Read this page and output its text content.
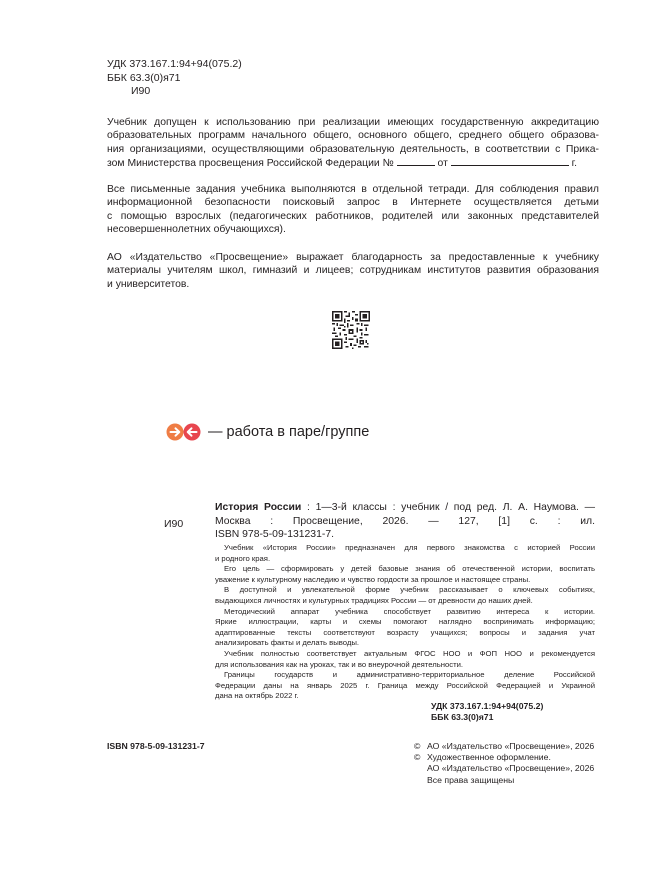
УДК 373.167.1:94+94(075.2)
ББК 63.3(0)я71
И90
Учебник допущен к использованию при реализации имеющих государственную аккредитацию
образовательных программ начального общего, основного общего, среднего общего образова-
ния организациями, осуществляющими образовательную деятельность, в соответствии с Прика-
зом Министерства просвещения Российской Федерации №	от	г.
Все письменные задания учебника выполняются в отдельной тетради. Для соблюдения правил
информационной безопасности поисковый запрос в Интернете осуществляется детьми
с помощью взрослых (педагогических работников, родителей или законных представителей
несовершеннолетних обучающихся).
АО «Издательство «Просвещение» выражает благодарность за предоставленные к учебнику
материалы учителям школ, гимназий и лицеев; сотрудникам институтов развития образования
и университетов.
— работа в паре/группе
И90
История России : 1—3-й классы : учебник / под ред. Л. А. Наумова. —
Москва : Просвещение, 2026. — 127, [1] с. : ил.
ISBN 978-5-09-131231-7.

Учебник «История России» предназначен для первого знакомства с историей России
и родного края.

Его цель — сформировать у детей базовые знания об отечественной истории, воспитать
уважение к культурному наследию и чувство гордости за прошлое и настоящее страны.

В доступной и увлекательной форме учебник рассказывает о ключевых событиях,
выдающихся личностях и культурных традициях России — от древности до наших дней.

Методический аппарат учебника способствует развитию интереса к истории.
Яркие иллюстрации, карты и схемы помогают наглядно воспринимать информацию;
адаптированные тексты соответствуют возрасту учащихся; вопросы и задания учат
анализировать факты и делать выводы.

Учебник полностью соответствует актуальным ФГОС НОО и ФОП НОО и рекомендуется
для использования как на уроках, так и во внеурочной деятельности.

Границы государств и административно-территориальное деление Российской
Федерации даны на январь 2025 г. Граница между Российской Федерацией и Украиной
дана на октябрь 2022 г.

УДК 373.167.1:94+94(075.2)
ББК 63.3(0)я71
ISBN 978-5-09-131231-7	© АО «Издательство «Просвещение», 2026
© Художественное оформление.
АО «Издательство «Просвещение», 2026
Все права защищены
